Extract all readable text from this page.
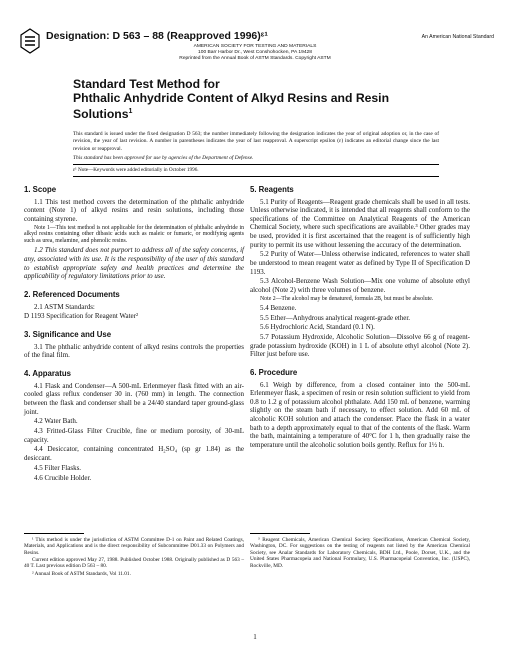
Designation: D 563 – 88 (Reapproved 1996)ᵋ¹	An American National Standard
AMERICAN SOCIETY FOR TESTING AND MATERIALS
100 Barr Harbor Dr., West Conshohocken, PA 19428
Reprinted from the Annual Book of ASTM Standards. Copyright ASTM
Standard Test Method for
Phthalic Anhydride Content of Alkyd Resins and Resin
Solutions$^1$
This standard is issued under the fixed designation D 563; the number immediately following the designation indicates the year of original adoption or, in the case of revision, the year of last revision. A number in parentheses indicates the year of last reapproval. A superscript epsilon (ε) indicates an editorial change since the last revision or reapproval.
This standard has been approved for use by agencies of the Department of Defense.
ε¹ Note—Keywords were added editorially in October 1996.
1. Scope

1.1 This test method covers the determination of the phthalic anhydride content (Note 1) of alkyd resins and resin solutions, including those containing styrene.

Note 1—This test method is not applicable for the determination of phthalic anhydride in alkyd resins containing other dibasic acids such as maleic or fumaric, or modifying agents such as urea, melamine, and phenolic resins.

1.2 This standard does not purport to address all of the safety concerns, if any, associated with its use. It is the responsibility of the user of this standard to establish appropriate safety and health practices and determine the applicability of regulatory limitations prior to use.

2. Referenced Documents

2.1 ASTM Standards:

D 1193 Specification for Reagent Water²

3. Significance and Use

3.1 The phthalic anhydride content of alkyd resins controls the properties of the final film.

4. Apparatus

4.1 Flask and Condenser—A 500-mL Erlenmeyer flask fitted with an air-cooled glass reflux condenser 30 in. (760 mm) in length. The connection between the flask and condenser shall be a 24/40 standard taper ground-glass joint.

4.2 Water Bath.

4.3 Fritted-Glass Filter Crucible, fine or medium porosity, of 30-mL capacity.

4.4 Desiccator, containing concentrated H₂SO₄ (sp gr 1.84) as the desiccant.

4.5 Filter Flasks.

4.6 Crucible Holder.

5. Reagents

5.1 Purity of Reagents—Reagent grade chemicals shall be used in all tests. Unless otherwise indicated, it is intended that all reagents shall conform to the specifications of the Committee on Analytical Reagents of the American Chemical Society, where such specifications are available.³ Other grades may be used, provided it is first ascertained that the reagent is of sufficiently high purity to permit its use without lessening the accuracy of the determination.

5.2 Purity of Water—Unless otherwise indicated, references to water shall be understood to mean reagent water as defined by Type II of Specification D 1193.

5.3 Alcohol-Benzene Wash Solution—Mix one volume of absolute ethyl alcohol (Note 2) with three volumes of benzene.

Note 2—The alcohol may be denatured, formula 2B, but must be absolute.

5.4 Benzene.

5.5 Ether—Anhydrous analytical reagent-grade ether.

5.6 Hydrochloric Acid, Standard (0.1 N).

5.7 Potassium Hydroxide, Alcoholic Solution—Dissolve 66 g of reagent-grade potassium hydroxide (KOH) in 1 L of absolute ethyl alcohol (Note 2). Filter just before use.

6. Procedure

6.1 Weigh by difference, from a closed container into the 500-mL Erlenmeyer flask, a specimen of resin or resin solution sufficient to yield from 0.8 to 1.2 g of potassium alcohol phthalate. Add 150 mL of benzene, warming slightly on the steam bath if necessary, to effect solution. Add 60 mL of alcoholic KOH solution and attach the condenser. Place the flask in a water bath to a depth approximately equal to that of the contents of the flask. Warm the bath, maintaining a temperature of 40°C for 1 h, then gradually raise the temperature until the alcoholic solution boils gently. Reflux for 1½ h.

¹ This method is under the jurisdiction of ASTM Committee D-1 on Paint and Related Coatings, Materials, and Applications and is the direct responsibility of Subcommittee D01.33 on Polymers and Resins.

Current edition approved May 27, 1988. Published October 1988. Originally published as D 563 – 40 T. Last previous edition D 563 – 80.

² Annual Book of ASTM Standards, Vol 11.01.

³ Reagent Chemicals, American Chemical Society Specifications, American Chemical Society, Washington, DC. For suggestions on the testing of reagents not listed by the American Chemical Society, see Analar Standards for Laboratory Chemicals, BDH Ltd., Poole, Dorset, U.K., and the United States Pharmacopeia and National Formulary, U.S. Pharmacopeial Convention, Inc. (USPC), Rockville, MD.

1
